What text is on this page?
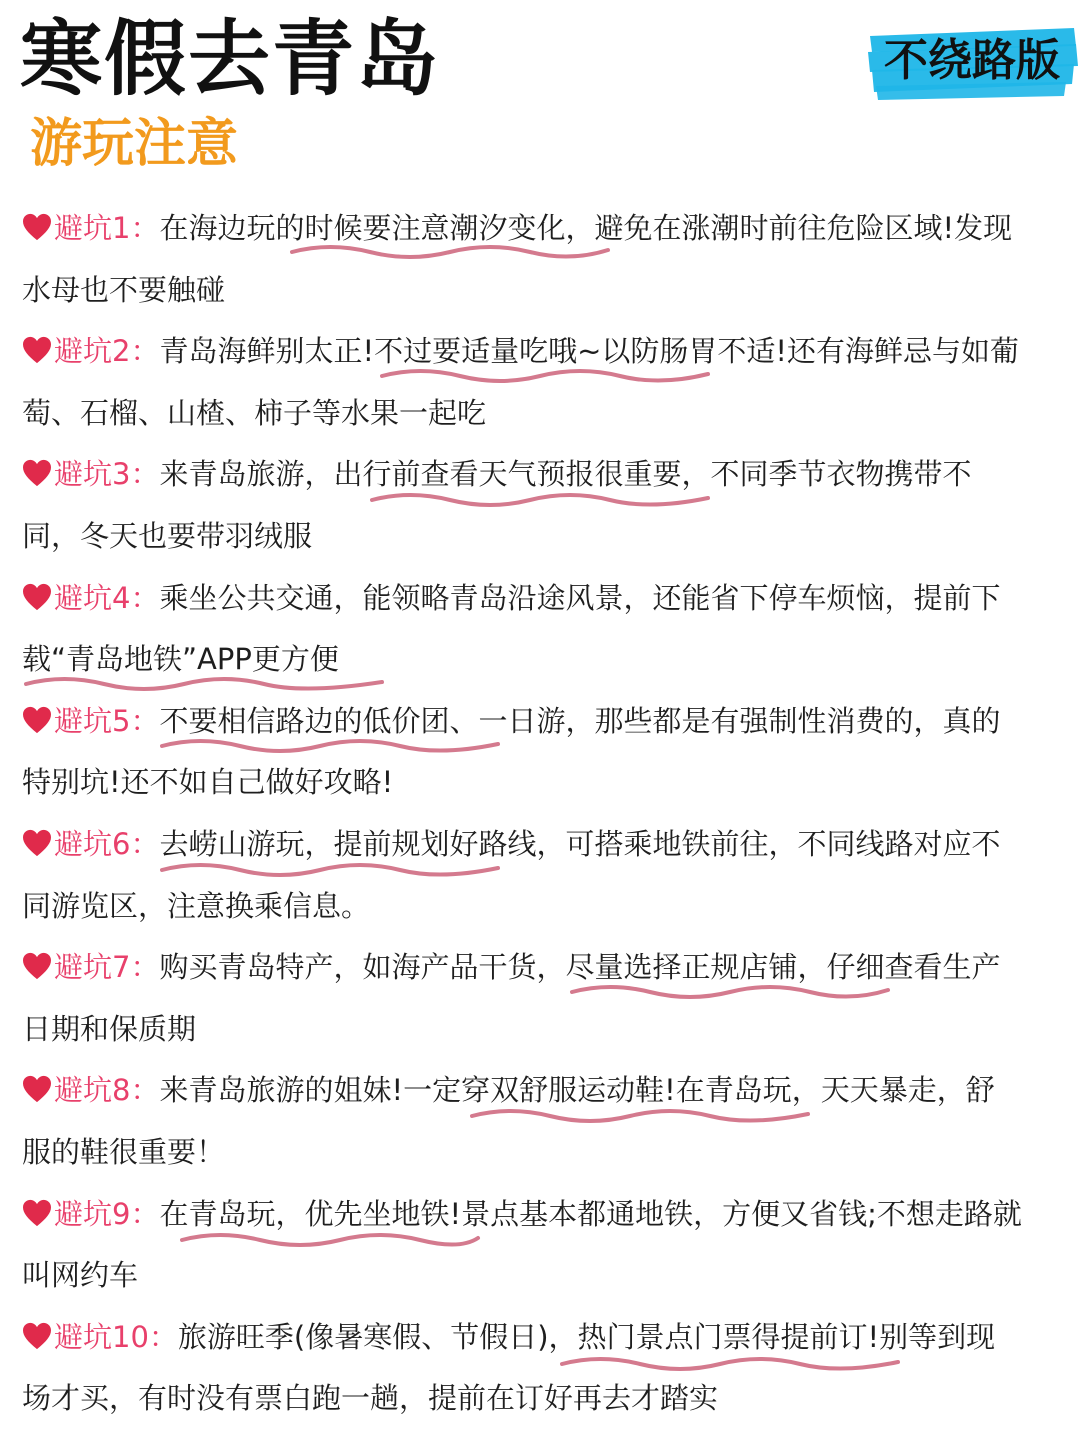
寒假去青岛	不绕路版
游玩注意
避坑1：在海边玩的时候要注意潮汐变化，避免在涨潮时前往危险区域!发现水母也不要触碰
避坑2：青岛海鲜别太正!不过要适量吃哦~以防肠胃不适!还有海鲜忌与如葡萄、石榴、山楂、柿子等水果一起吃
避坑3：来青岛旅游，出行前查看天气预报很重要，不同季节衣物携带不同，冬天也要带羽绒服
避坑4：乘坐公共交通，能领略青岛沿途风景，还能省下停车烦恼，提前下载“青岛地铁”APP更方便
避坑5：不要相信路边的低价团、一日游，那些都是有强制性消费的，真的特别坑!还不如自己做好攻略!
避坑6：去崂山游玩，提前规划好路线，可搭乘地铁前往，不同线路对应不同游览区，注意换乘信息。
避坑7：购买青岛特产，如海产品干货，尽量选择正规店铺，仔细查看生产日期和保质期
避坑8：来青岛旅游的姐妹!一定穿双舒服运动鞋!在青岛玩，天天暴走，舒服的鞋很重要！
避坑9：在青岛玩，优先坐地铁!景点基本都通地铁，方便又省钱;不想走路就叫网约车
避坑10：旅游旺季(像暑寒假、节假日)，热门景点门票得提前订!别等到现场才买，有时没有票白跑一趟，提前在订好再去才踏实
